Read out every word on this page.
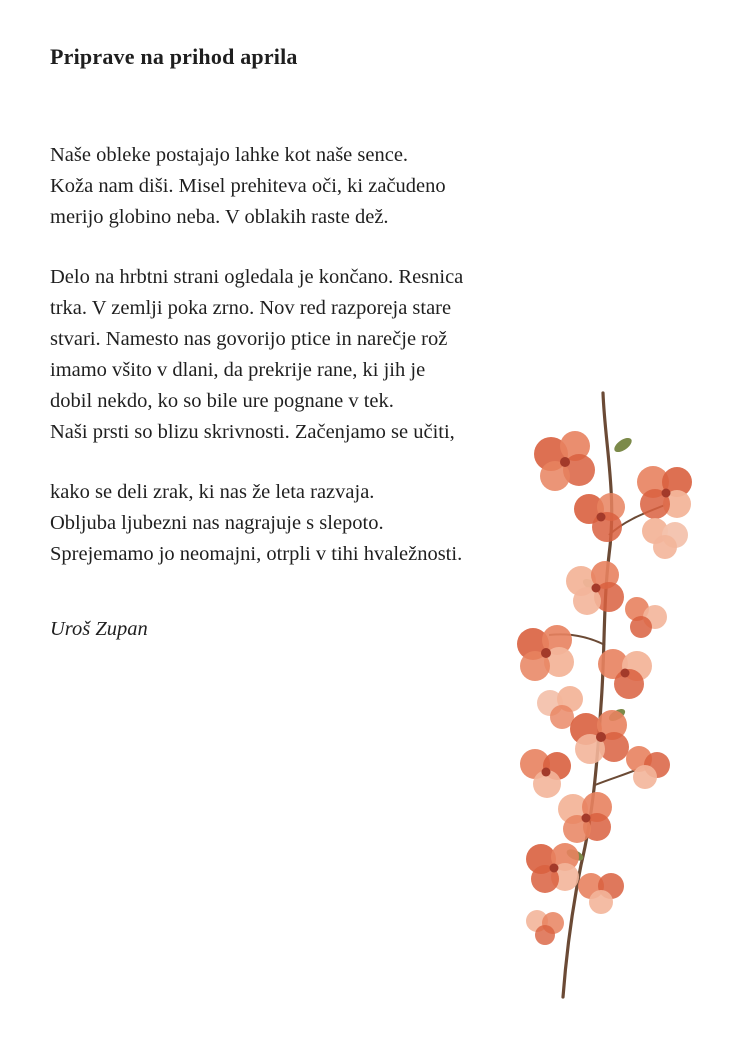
Priprave na prihod aprila

Naše obleke postajajo lahke kot naše sence.
Koža nam diši. Misel prehiteva oči, ki začudeno
merijo globino neba. V oblakih raste dež.

Delo na hrbtni strani ogledala je končano. Resnica
trka. V zemlji poka zrno. Nov red razporeja stare
stvari. Namesto nas govorijo ptice in narečje rož
imamo všito v dlani, da prekrije rane, ki jih je
dobil nekdo, ko so bile ure pognane v tek.
Naši prsti so blizu skrivnosti. Začenjamo se učiti,

kako se deli zrak, ki nas že leta razvaja.
Obljuba ljubezni nas nagrajuje s slepoto.
Sprejemamo jo neomajni, otrpli v tihi hvaležnosti.

Uroš Zupan
